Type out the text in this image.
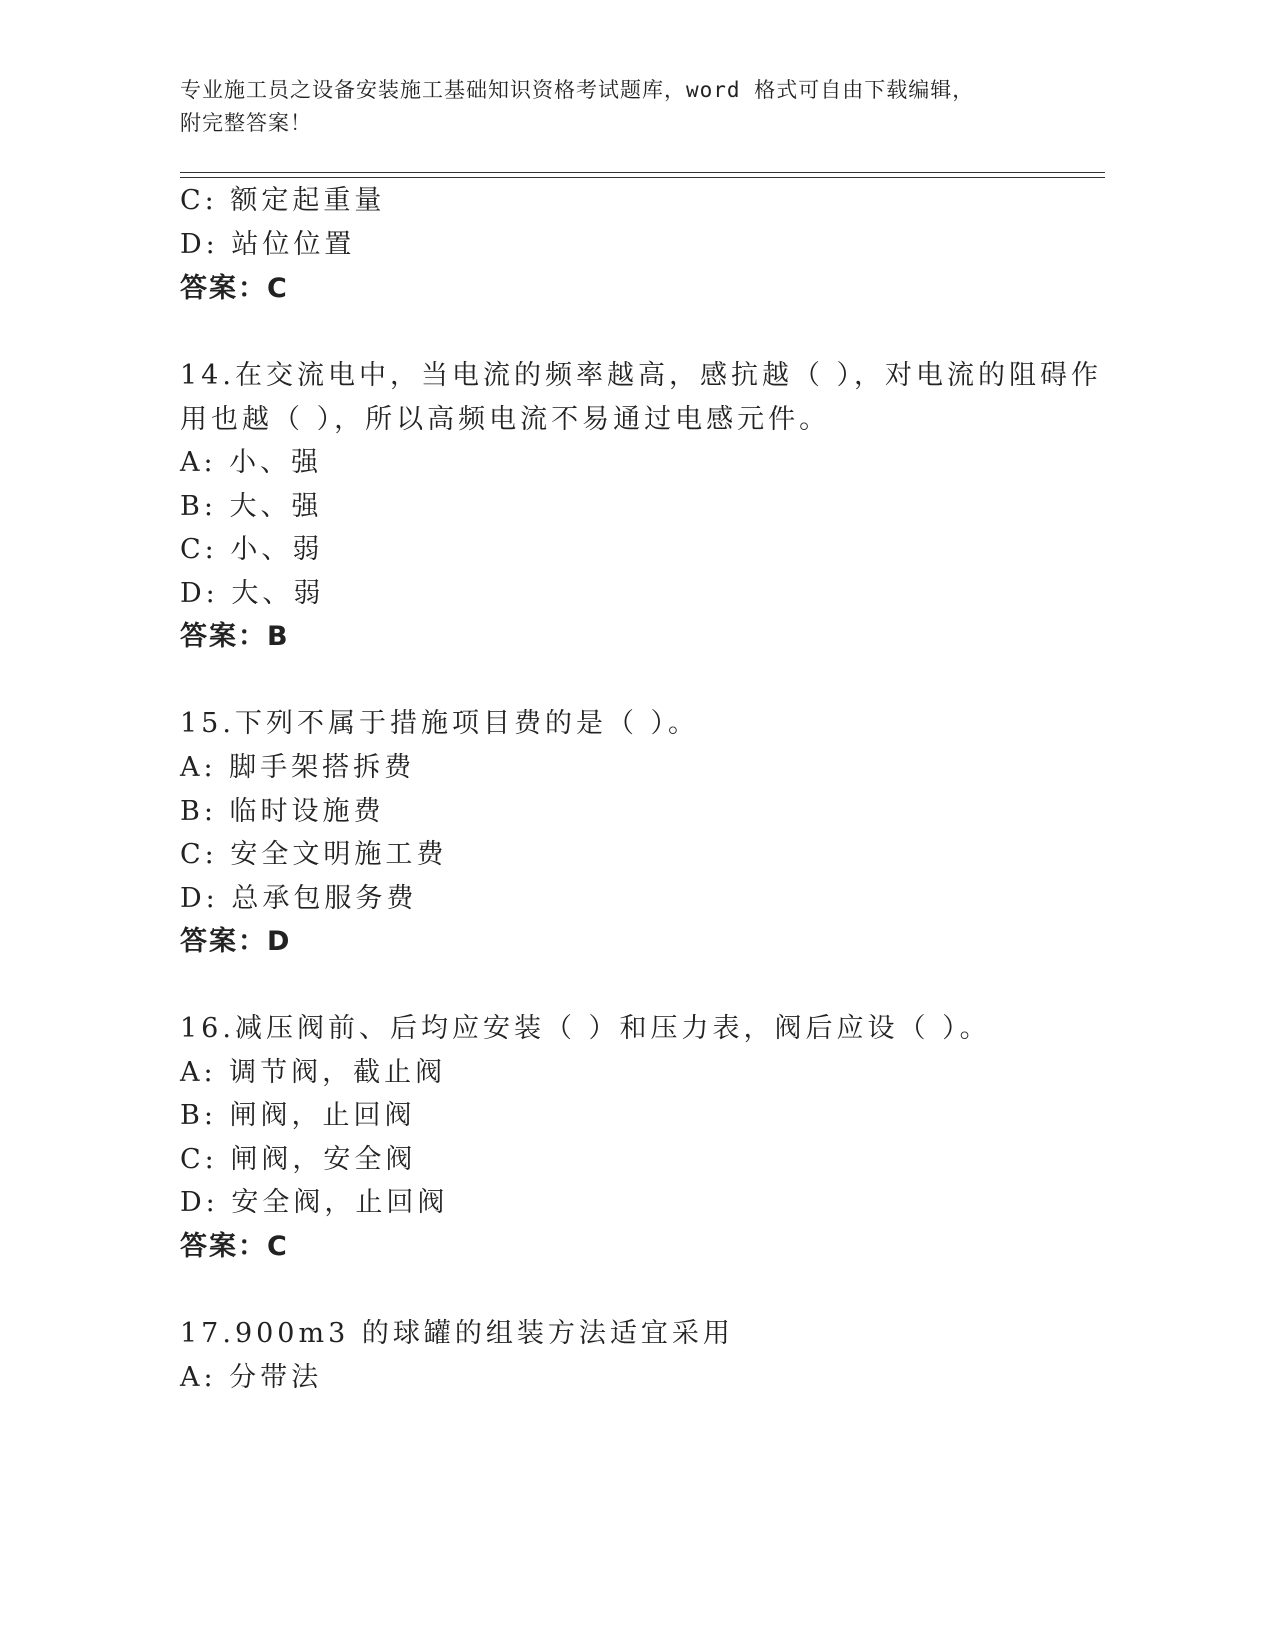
专业施工员之设备安装施工基础知识资格考试题库，word 格式可自由下载编辑，
附完整答案！
C: 额定起重量
D: 站位位置
答案：C
14.在交流电中，当电流的频率越高，感抗越（ ），对电流的阻碍作
用也越（ ），所以高频电流不易通过电感元件。
A: 小、强
B: 大、强
C: 小、弱
D: 大、弱
答案：B
15.下列不属于措施项目费的是（ ）。
A: 脚手架搭拆费
B: 临时设施费
C: 安全文明施工费
D: 总承包服务费
答案：D
16.减压阀前、后均应安装（ ）和压力表，阀后应设（ ）。
A: 调节阀，截止阀
B: 闸阀，止回阀
C: 闸阀，安全阀
D: 安全阀，止回阀
答案：C
17.900m3 的球罐的组装方法适宜采用
A: 分带法
